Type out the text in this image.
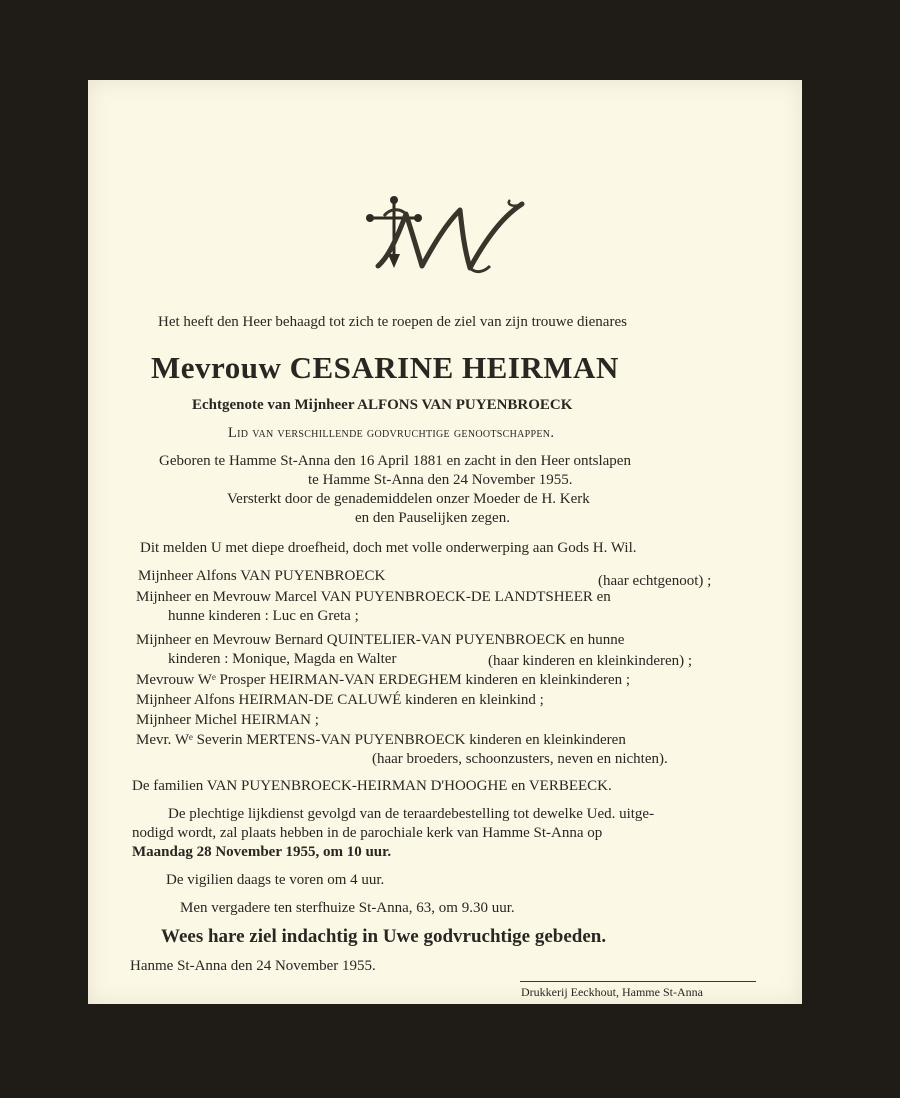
Het heeft den Heer behaagd tot zich te roepen de ziel van zijn trouwe dienares
Mevrouw CESARINE HEIRMAN
Echtgenote van Mijnheer ALFONS VAN PUYENBROECK
Lid van verschillende godvruchtige genootschappen.
Geboren te Hamme St-Anna den 16 April 1881 en zacht in den Heer ontslapen
te Hamme St-Anna den 24 November 1955.
Versterkt door de genademiddelen onzer Moeder de H. Kerk
en den Pauselijken zegen.
Dit melden U met diepe droefheid, doch met volle onderwerping aan Gods H. Wil.
Mijnheer Alfons VAN PUYENBROECK	(haar echtgenoot) ;
Mijnheer en Mevrouw Marcel VAN PUYENBROECK-DE LANDTSHEER en
hunne kinderen : Luc en Greta ;
Mijnheer en Mevrouw Bernard QUINTELIER-VAN PUYENBROECK en hunne
kinderen : Monique, Magda en Walter	(haar kinderen en kleinkinderen) ;
Mevrouw Wᵉ Prosper HEIRMAN-VAN ERDEGHEM kinderen en kleinkinderen ;
Mijnheer Alfons HEIRMAN-DE CALUWÉ kinderen en kleinkind ;
Mijnheer Michel HEIRMAN ;
Mevr. Wᵉ Severin MERTENS-VAN PUYENBROECK kinderen en kleinkinderen
(haar broeders, schoonzusters, neven en nichten).
De familien VAN PUYENBROECK-HEIRMAN D'HOOGHE en VERBEECK.
De plechtige lijkdienst gevolgd van de teraardebestelling tot dewelke Ued. uitge-
nodigd wordt, zal plaats hebben in de parochiale kerk van Hamme St-Anna op
Maandag 28 November 1955, om 10 uur.
De vigilien daags te voren om 4 uur.
Men vergadere ten sterfhuize St-Anna, 63, om 9.30 uur.
Wees hare ziel indachtig in Uwe godvruchtige gebeden.
Hanme St-Anna den 24 November 1955.
Drukkerij Eeckhout, Hamme St-Anna
